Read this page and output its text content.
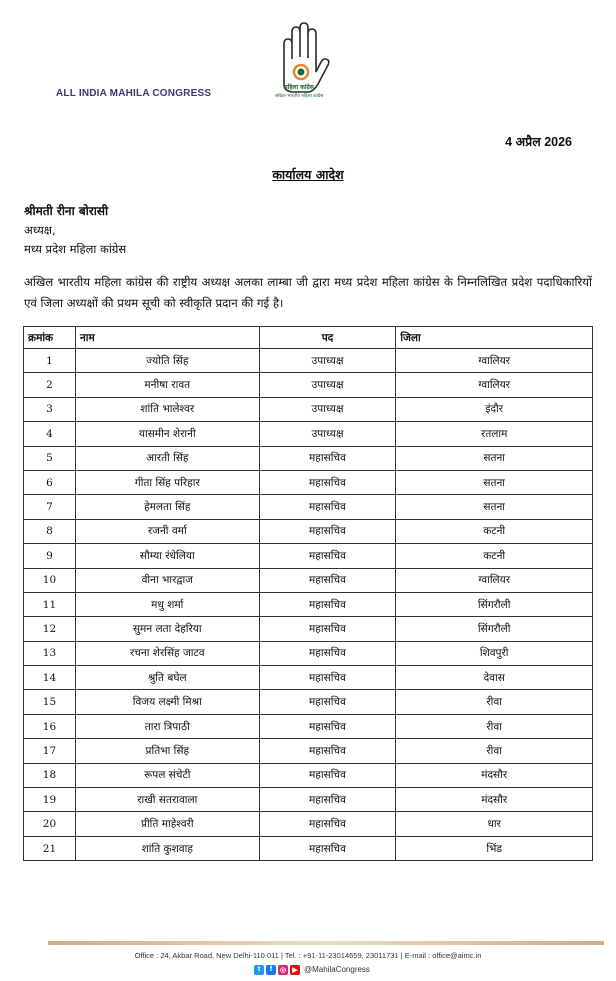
ALL INDIA MAHILA CONGRESS
महिला कांग्रेस
अखिल भारतीय महिला कांग्रेस
4 अप्रैल 2026
कार्यालय आदेश
श्रीमती रीना बोरासी
अध्यक्ष,
मध्य प्रदेश महिला कांग्रेस
अखिल भारतीय महिला कांग्रेस की राष्ट्रीय अध्यक्ष अलका लाम्बा जी द्वारा मध्य प्रदेश महिला कांग्रेस के निम्नलिखित प्रदेश पदाधिकारियों एवं जिला अध्यक्षों की प्रथम सूची को स्वीकृति प्रदान की गई है।
क्रमांक	नाम	पद	जिला
1	ज्योति सिंह	उपाध्यक्ष	ग्वालियर
2	मनीषा रावत	उपाध्यक्ष	ग्वालियर
3	शांति भालेश्वर	उपाध्यक्ष	इंदौर
4	यासमीन शेरानी	उपाध्यक्ष	रतलाम
5	आरती सिंह	महासचिव	सतना
6	गीता सिंह परिहार	महासचिव	सतना
7	हेमलता सिंह	महासचिव	सतना
8	रजनी वर्मा	महासचिव	कटनी
9	सौम्या रंधेलिया	महासचिव	कटनी
10	वीना भारद्वाज	महासचिव	ग्वालियर
11	मधु शर्मा	महासचिव	सिंगरौली
12	सुमन लता देहरिया	महासचिव	सिंगरौली
13	रचना शेरसिंह जाटव	महासचिव	शिवपुरी
14	श्रुति बघेल	महासचिव	देवास
15	विजय लक्ष्मी मिश्रा	महासचिव	रीवा
16	तारा त्रिपाठी	महासचिव	रीवा
17	प्रतिभा सिंह	महासचिव	रीवा
18	रूपल संचेटी	महासचिव	मंदसौर
19	राखी सतरावाला	महासचिव	मंदसौर
20	प्रीति माहेश्वरी	महासचिव	धार
21	शांति कुशवाह	महासचिव	भिंड
Office : 24, Akbar Road, New Delhi-110 011 | Tel. : +91-11-23014659, 23011731 | E-mail : office@aimc.in
t	f	◎ ▶ @MahilaCongress
